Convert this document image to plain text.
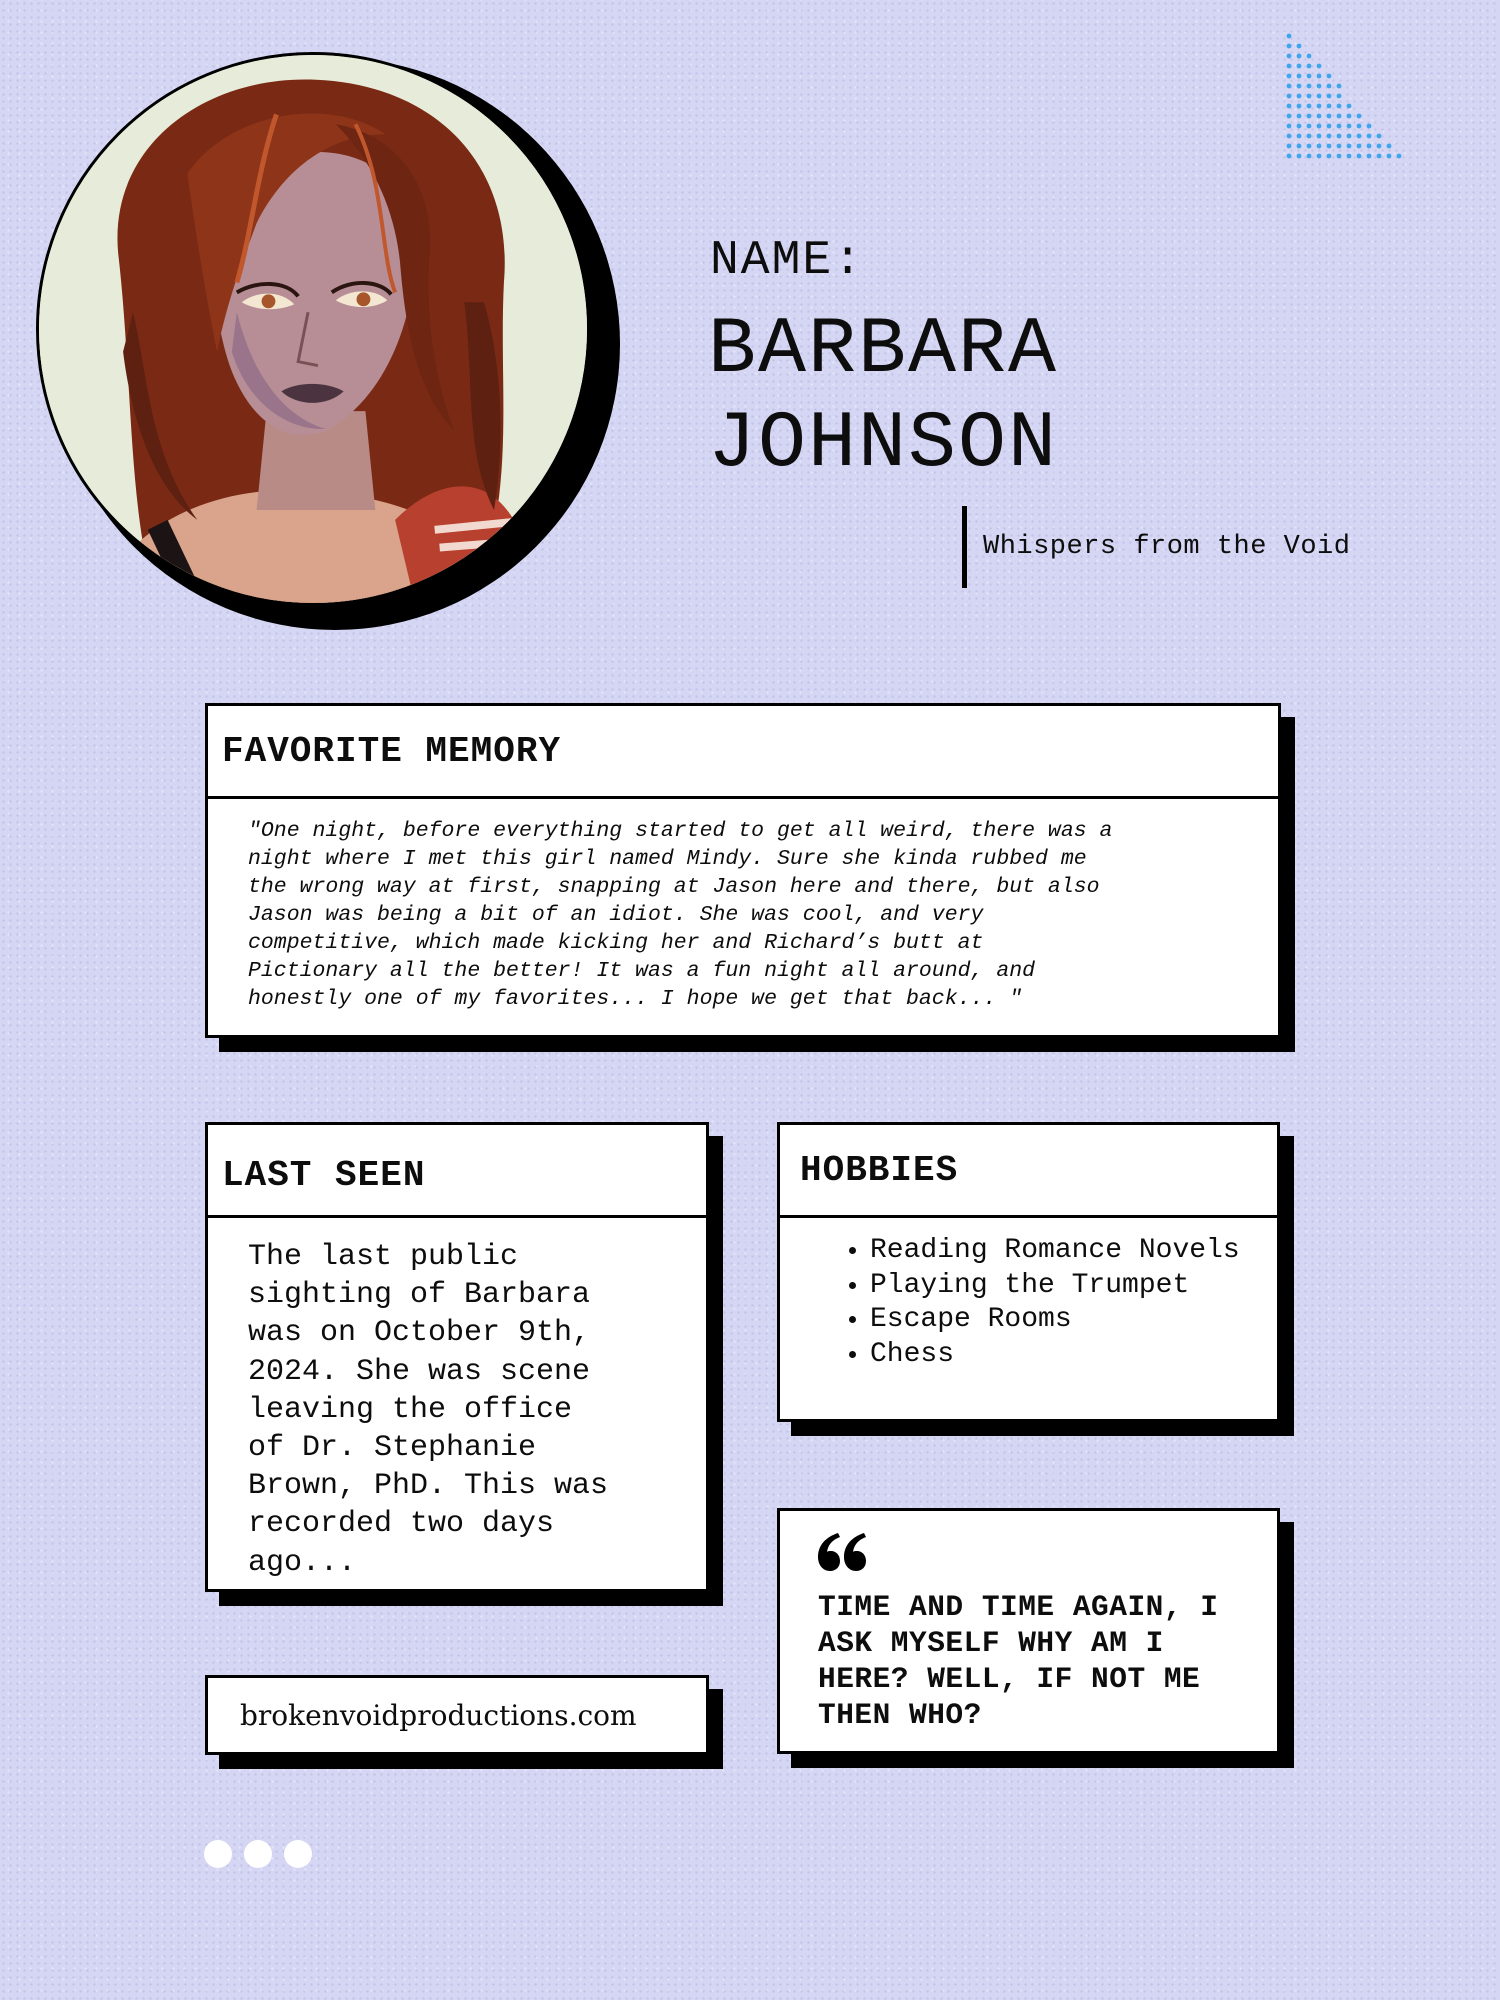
NAME:
BARBARA
JOHNSON
Whispers from the Void
FAVORITE MEMORY
"One night, before everything started to get all weird, there was a
night where I met this girl named Mindy. Sure she kinda rubbed me
the wrong way at first, snapping at Jason here and there, but also
Jason was being a bit of an idiot. She was cool, and very
competitive, which made kicking her and Richard’s butt at
Pictionary all the better! It was a fun night all around, and
honestly one of my favorites... I hope we get that back... "
LAST SEEN
The last public
sighting of Barbara
was on October 9th,
2024. She was scene
leaving the office
of Dr. Stephanie
Brown, PhD. This was
recorded two days
ago...
HOBBIES
• Reading Romance Novels
• Playing the Trumpet
• Escape Rooms
• Chess
TIME AND TIME AGAIN, I ASK MYSELF WHY AM I HERE? WELL, IF NOT ME THEN WHO?
brokenvoidproductions.com
